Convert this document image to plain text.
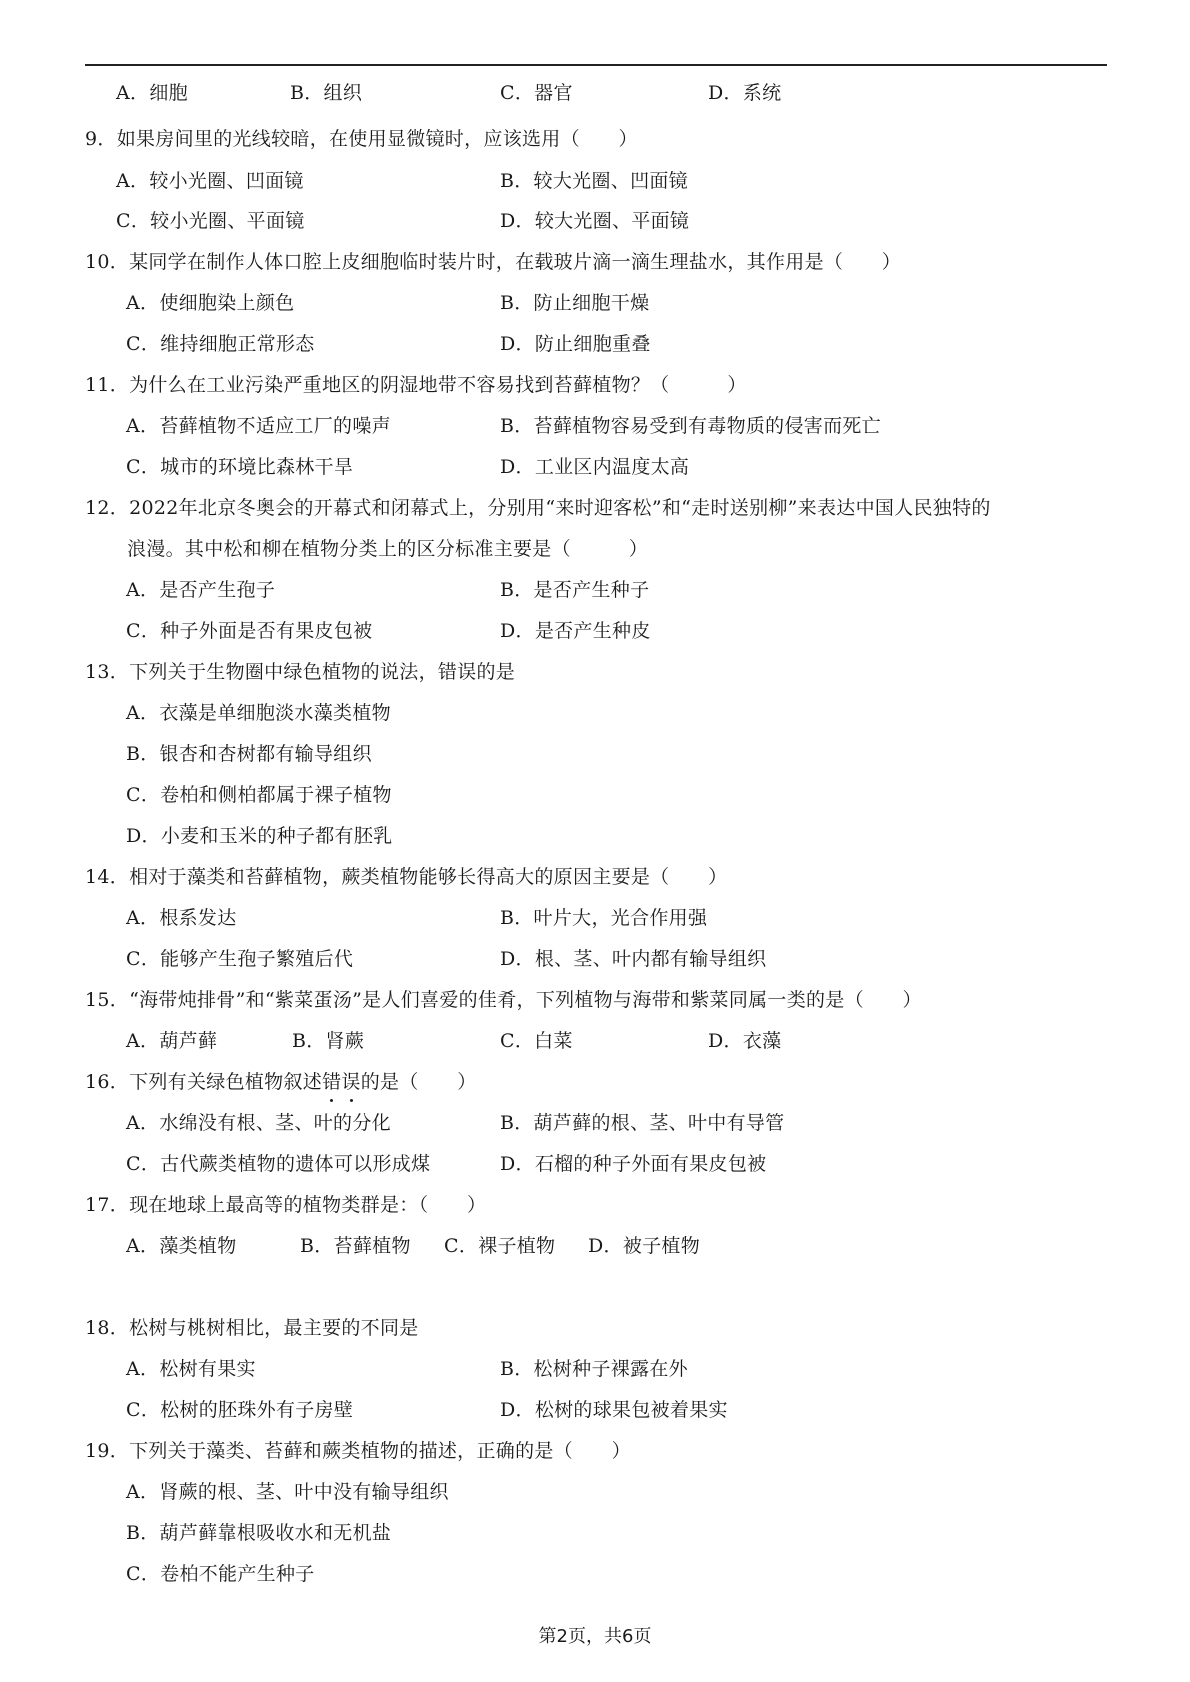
A．细胞	B．组织	C．器官	D．系统
9．如果房间里的光线较暗，在使用显微镜时，应该选用（　　）
A．较小光圈、凹面镜	B．较大光圈、凹面镜
C．较小光圈、平面镜	D．较大光圈、平面镜
10．某同学在制作人体口腔上皮细胞临时装片时，在载玻片滴一滴生理盐水，其作用是（　　）
A．使细胞染上颜色	B．防止细胞干燥
C．维持细胞正常形态	D．防止细胞重叠
11．为什么在工业污染严重地区的阴湿地带不容易找到苔藓植物？（　　　）
A．苔藓植物不适应工厂的噪声	B．苔藓植物容易受到有毒物质的侵害而死亡
C．城市的环境比森林干旱	D．工业区内温度太高
12．2022年北京冬奥会的开幕式和闭幕式上，分别用“来时迎客松”和“走时送别柳”来表达中国人民独特的
浪漫。其中松和柳在植物分类上的区分标准主要是（　　　）
A．是否产生孢子	B．是否产生种子
C．种子外面是否有果皮包被	D．是否产生种皮
13．下列关于生物圈中绿色植物的说法，错误的是
A．衣藻是单细胞淡水藻类植物
B．银杏和杏树都有输导组织
C．卷柏和侧柏都属于裸子植物
D．小麦和玉米的种子都有胚乳
14．相对于藻类和苔藓植物，蕨类植物能够长得高大的原因主要是（　　）
A．根系发达	B．叶片大，光合作用强
C．能够产生孢子繁殖后代	D．根、茎、叶内都有输导组织
15．“海带炖排骨”和“紫菜蛋汤”是人们喜爱的佳肴，下列植物与海带和紫菜同属一类的是（　　）
A．葫芦藓	B．肾蕨	C．白菜	D．衣藻
16．下列有关绿色植物叙述错误的是（　　）
A．水绵没有根、茎、叶的分化	B．葫芦藓的根、茎、叶中有导管
C．古代蕨类植物的遗体可以形成煤	D．石榴的种子外面有果皮包被
17．现在地球上最高等的植物类群是：（　　）
A．藻类植物	B．苔藓植物 C．裸子植物 D．被子植物
18．松树与桃树相比，最主要的不同是
A．松树有果实	B．松树种子裸露在外
C．松树的胚珠外有子房壁	D．松树的球果包被着果实
19．下列关于藻类、苔藓和蕨类植物的描述，正确的是（　　）
A．肾蕨的根、茎、叶中没有输导组织
B．葫芦藓靠根吸收水和无机盐
C．卷柏不能产生种子
第2页，共6页
